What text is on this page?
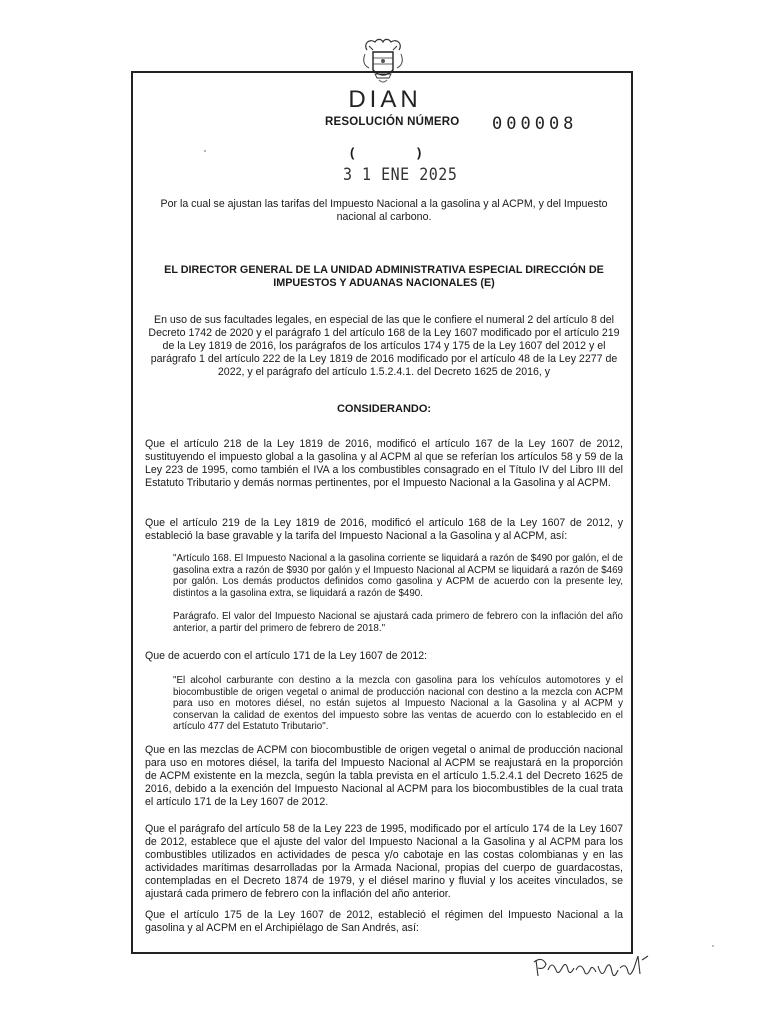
DIAN
RESOLUCIÓN NÚMERO 000008
(	)
3 1 ENE 2025
Por la cual se ajustan las tarifas del Impuesto Nacional a la gasolina y al ACPM, y del Impuesto nacional al carbono.
EL DIRECTOR GENERAL DE LA UNIDAD ADMINISTRATIVA ESPECIAL DIRECCIÓN DE IMPUESTOS Y ADUANAS NACIONALES (E)
En uso de sus facultades legales, en especial de las que le confiere el numeral 2 del artículo 8 del Decreto 1742 de 2020 y el parágrafo 1 del artículo 168 de la Ley 1607 modificado por el artículo 219 de la Ley 1819 de 2016, los parágrafos de los artículos 174 y 175 de la Ley 1607 del 2012 y el parágrafo 1 del artículo 222 de la Ley 1819 de 2016 modificado por el artículo 48 de la Ley 2277 de 2022, y el parágrafo del artículo 1.5.2.4.1. del Decreto 1625 de 2016, y
CONSIDERANDO:
Que el artículo 218 de la Ley 1819 de 2016, modificó el artículo 167 de la Ley 1607 de 2012, sustituyendo el impuesto global a la gasolina y al ACPM al que se referían los artículos 58 y 59 de la Ley 223 de 1995, como también el IVA a los combustibles consagrado en el Título IV del Libro III del Estatuto Tributario y demás normas pertinentes, por el Impuesto Nacional a la Gasolina y al ACPM.
Que el artículo 219 de la Ley 1819 de 2016, modificó el artículo 168 de la Ley 1607 de 2012, y estableció la base gravable y la tarifa del Impuesto Nacional a la Gasolina y al ACPM, así:
"Artículo 168. El Impuesto Nacional a la gasolina corriente se liquidará a razón de $490 por galón, el de gasolina extra a razón de $930 por galón y el Impuesto Nacional al ACPM se liquidará a razón de $469 por galón. Los demás productos definidos como gasolina y ACPM de acuerdo con la presente ley, distintos a la gasolina extra, se liquidará a razón de $490.
Parágrafo. El valor del Impuesto Nacional se ajustará cada primero de febrero con la inflación del año anterior, a partir del primero de febrero de 2018."
Que de acuerdo con el artículo 171 de la Ley 1607 de 2012:
"El alcohol carburante con destino a la mezcla con gasolina para los vehículos automotores y el biocombustible de origen vegetal o animal de producción nacional con destino a la mezcla con ACPM para uso en motores diésel, no están sujetos al Impuesto Nacional a la Gasolina y al ACPM y conservan la calidad de exentos del impuesto sobre las ventas de acuerdo con lo establecido en el artículo 477 del Estatuto Tributario".
Que en las mezclas de ACPM con biocombustible de origen vegetal o animal de producción nacional para uso en motores diésel, la tarifa del Impuesto Nacional al ACPM se reajustará en la proporción de ACPM existente en la mezcla, según la tabla prevista en el artículo 1.5.2.4.1 del Decreto 1625 de 2016, debido a la exención del Impuesto Nacional al ACPM para los biocombustibles de la cual trata el artículo 171 de la Ley 1607 de 2012.
Que el parágrafo del artículo 58 de la Ley 223 de 1995, modificado por el artículo 174 de la Ley 1607 de 2012, establece que el ajuste del valor del Impuesto Nacional a la Gasolina y al ACPM para los combustibles utilizados en actividades de pesca y/o cabotaje en las costas colombianas y en las actividades marítimas desarrolladas por la Armada Nacional, propias del cuerpo de guardacostas, contempladas en el Decreto 1874 de 1979, y el diésel marino y fluvial y los aceites vinculados, se ajustará cada primero de febrero con la inflación del año anterior.
Que el artículo 175 de la Ley 1607 de 2012, estableció el régimen del Impuesto Nacional a la gasolina y al ACPM en el Archipiélago de San Andrés, así:
